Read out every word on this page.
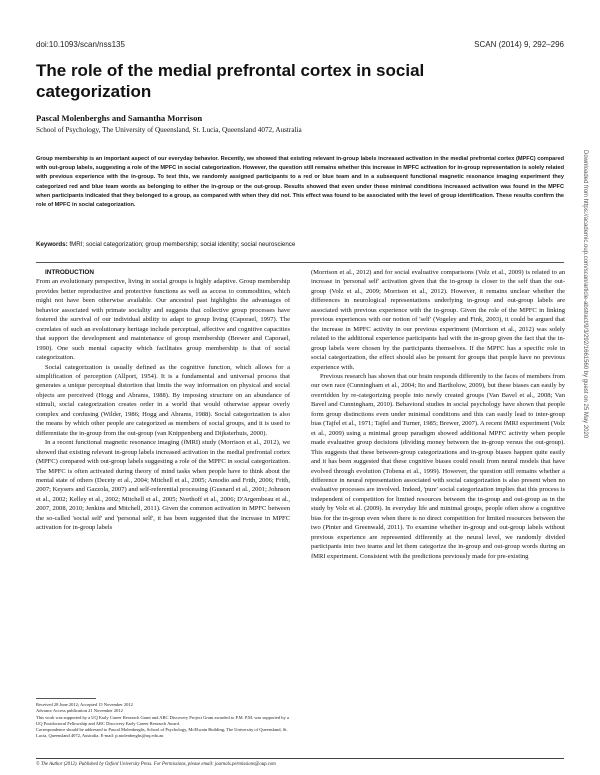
doi:10.1093/scan/nss135	SCAN (2014) 9, 292–296
The role of the medial prefrontal cortex in social categorization
Pascal Molenberghs and Samantha Morrison
School of Psychology, The University of Queensland, St. Lucia, Queensland 4072, Australia

Group membership is an important aspect of our everyday behavior. Recently, we showed that existing relevant in-group labels increased activation in the medial prefrontal cortex (MPFC) compared with out-group labels, suggesting a role of the MPFC in social categorization. However, the question still remains whether this increase in MPFC activation for in-group representation is solely related with previous experience with the in-group. To test this, we randomly assigned participants to a red or blue team and in a subsequent functional magnetic resonance imaging experiment they categorized red and blue team words as belonging to either the in-group or the out-group. Results showed that even under these minimal conditions increased activation was found in the MPFC when participants indicated that they belonged to a group, as compared with when they did not. This effect was found to be associated with the level of group identification. These results confirm the role of MPFC in social categorization.

Keywords: fMRI; social categorization; group membership; social identity; social neuroscience

INTRODUCTION

From an evolutionary perspective, living in social groups is highly adaptive. Group membership provides better reproductive and protective functions as well as access to commodities, which might not have been otherwise available. Our ancestral past highlights the advantages of behavior associated with primate sociality and suggests that collective group processes have fostered the survival of our individual ability to adapt to group living (Caporael, 1997). The correlates of such an evolutionary heritage include perceptual, affective and cognitive capacities that support the development and maintenance of group membership (Brewer and Caporael, 1990). One such mental capacity which facilitates group membership is that of social categorization.

Social categorization is usually defined as the cognitive function, which allows for a simplification of perception (Allport, 1954). It is a fundamental and universal process that generates a unique perceptual distortion that limits the way information on physical and social objects are perceived (Hogg and Abrams, 1988). By imposing structure on an abundance of stimuli, social categorization creates order in a world that would otherwise appear overly complex and confusing (Wilder, 1986; Hogg and Abrams, 1988). Social categorization is also the means by which other people are categorized as members of social groups, and it is used to differentiate the in-group from the out-group (van Knippenberg and Dijksterhuis, 2000).

In a recent functional magnetic resonance imaging (fMRI) study (Morrison et al., 2012), we showed that existing relevant in-group labels increased activation in the medial prefrontal cortex (MPFC) compared with out-group labels suggesting a role of the MPFC in social categorization. The MPFC is often activated during theory of mind tasks when people have to think about the mental state of others (Decety et al., 2004; Mitchell et al., 2005; Amodio and Frith, 2006; Frith, 2007; Keysers and Gazzola, 2007) and self-referential processing (Gusnard et al., 2001; Johnson et al., 2002; Kelley et al., 2002; Mitchell et al., 2005; Northoff et al., 2006; D'Argembeau et al., 2007, 2008, 2010; Jenkins and Mitchell, 2011). Given the common activation in MPFC between the so-called 'social self' and 'personal self', it has been suggested that the increase in MPFC activation for in-group labels

(Morrison et al., 2012) and for social evaluative comparisons (Volz et al., 2009) is related to an increase in 'personal self' activation given that the in-group is closer to the self than the out-group (Volz et al., 2009; Morrison et al., 2012). However, it remains unclear whether the differences in neurological representations underlying in-group and out-group labels are associated with previous experience with the in-group. Given the role of the MPFC in linking previous experiences with our notion of 'self' (Vogeley and Fink, 2003), it could be argued that the increase in MPFC activity in our previous experiment (Morrison et al., 2012) was solely related to the additional experience participants had with the in-group given the fact that the in-group labels were chosen by the participants themselves. If the MPFC has a specific role in social categorization, the effect should also be present for groups that people have no previous experience with.

Previous research has shown that our brain responds differently to the faces of members from our own race (Cunningham et al., 2004; Ito and Bartholow, 2009), but these biases can easily by overridden by re-categorizing people into newly created groups (Van Bavel et al., 2008; Van Bavel and Cunningham, 2010). Behavioral studies in social psychology have shown that people form group distinctions even under minimal conditions and this can easily lead to inter-group bias (Tajfel et al., 1971; Tajfel and Turner, 1985; Brewer, 2007). A recent fMRI experiment (Volz et al., 2009) using a minimal group paradigm showed additional MPFC activity when people made evaluative group decisions (dividing money between the in-group versus the out-group). This suggests that these between-group categorizations and in-group biases happen quite easily and it has been suggested that these cognitive biases could result from neural models that have evolved through evolution (Tobena et al., 1999). However, the question still remains whether a difference in neural representation associated with social categorization is also present when no evaluative processes are involved. Indeed, 'pure' social categorization implies that this process is independent of competition for limited resources between the in-group and out-group as in the study by Volz et al. (2009). In everyday life and minimal groups, people often show a cognitive bias for the in-group even when there is no direct competition for limited resources between the two (Pinter and Greenwald, 2011). To examine whether in-group and out-group labels without previous experience are represented differently at the neural level, we randomly divided participants into two teams and let them categorize the in-group and out-group words during an fMRI experiment. Consistent with the predictions previously made for pre-existing

Received 28 June 2012; Accepted 15 November 2012

Advance Access publication 21 November 2012

This work was supported by a UQ Early Career Research Grant and ARC Discovery Project Grant awarded to P.M. P.M. was supported by a UQ Postdoctoral Fellowship and ARC Discovery Early Career Research Award.

Correspondence should be addressed to Pascal Molenberghs, School of Psychology, McElwain Building, The University of Queensland, St. Lucia, Queensland 4072, Australia. E-mail: p.molenberghs@uq.edu.au

© The Author (2012). Published by Oxford University Press. For Permissions, please email: journals.permissions@oup.com
Downloaded from https://academic.oup.com/scan/article-abstract/9/3/292/1661560 by guest on 25 May 2020
